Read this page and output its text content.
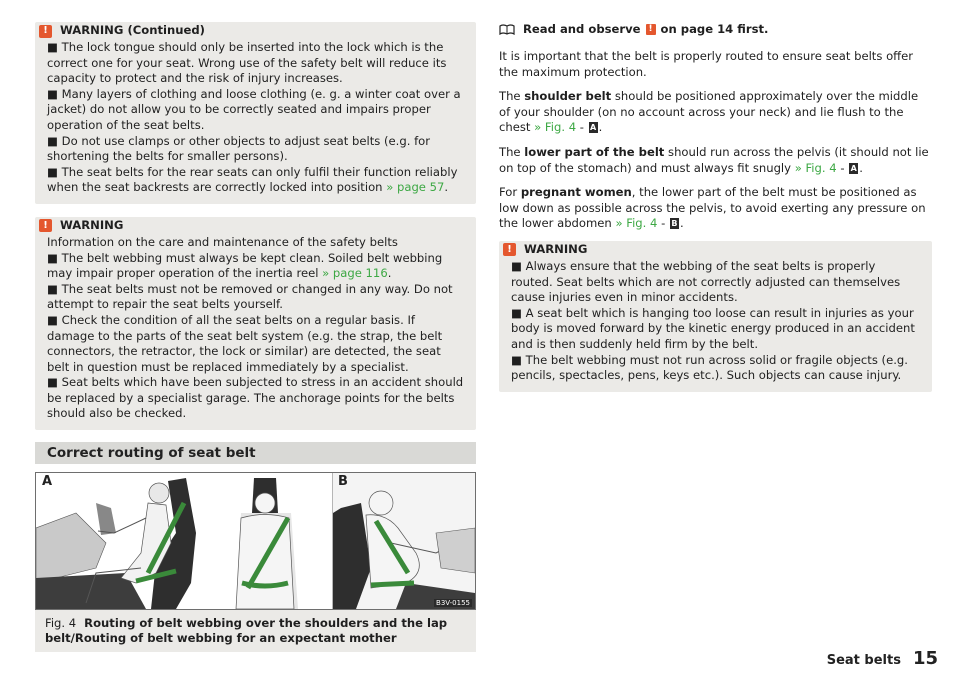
!	WARNING (Continued)

■ The lock tongue should only be inserted into the lock which is the correct one for your seat. Wrong use of the safety belt will reduce its capacity to protect and the risk of injury increases.

■ Many layers of clothing and loose clothing (e. g. a winter coat over a jacket) do not allow you to be correctly seated and impairs proper operation of the seat belts.

■ Do not use clamps or other objects to adjust seat belts (e.g. for shortening the belts for smaller persons).

■ The seat belts for the rear seats can only fulfil their function reliably when the seat backrests are correctly locked into position » page 57.

!	WARNING

Information on the care and maintenance of the safety belts

■ The belt webbing must always be kept clean. Soiled belt webbing may impair proper operation of the inertia reel » page 116.

■ The seat belts must not be removed or changed in any way. Do not attempt to repair the seat belts yourself.

■ Check the condition of all the seat belts on a regular basis. If damage to the parts of the seat belt system (e.g. the strap, the belt connectors, the retractor, the lock or similar) are detected, the seat belt in question must be replaced immediately by a specialist.

■ Seat belts which have been subjected to stress in an accident should be replaced by a specialist garage. The anchorage points for the belts should also be checked.

Correct routing of seat belt
A	B
B3V-0155
Fig. 4 Routing of belt webbing over the shoulders and the lap belt/Routing of belt webbing for an expectant mother
Read and observe ! on page 14 first.

It is important that the belt is properly routed to ensure seat belts offer the maximum protection.

The shoulder belt should be positioned approximately over the middle of your shoulder (on no account across your neck) and lie flush to the chest » Fig. 4 - A .

The lower part of the belt should run across the pelvis (it should not lie on top of the stomach) and must always fit snugly » Fig. 4 - A .

For pregnant women, the lower part of the belt must be positioned as low down as possible across the pelvis, to avoid exerting any pressure on the lower abdomen » Fig. 4 - B .

!	WARNING

■ Always ensure that the webbing of the seat belts is properly routed. Seat belts which are not correctly adjusted can themselves cause injuries even in minor accidents.

■ A seat belt which is hanging too loose can result in injuries as your body is moved forward by the kinetic energy produced in an accident and is then suddenly held firm by the belt.

■ The belt webbing must not run across solid or fragile objects (e.g. pencils, spectacles, pens, keys etc.). Such objects can cause injury.

Seat belts 15
